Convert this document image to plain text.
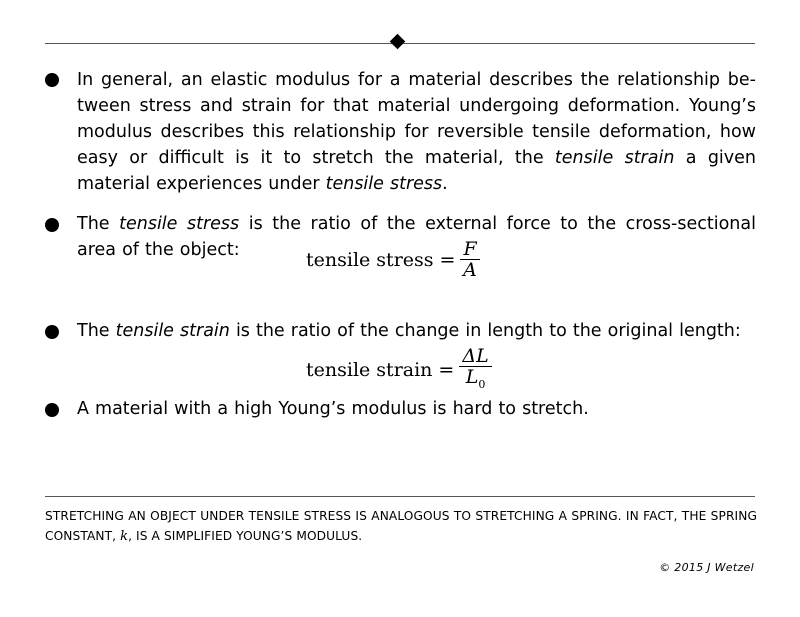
In general, an elastic modulus for a material describes the relationship between stress and strain for that material undergoing deformation. Young’s modulus describes this relationship for reversible tensile deformation, how easy or difficult is it to stretch the material, the tensile strain a given material experiences under tensile stress.
The tensile stress is the ratio of the external force to the cross-sectional area of the object:
The tensile strain is the ratio of the change in length to the original length:
A material with a high Young’s modulus is hard to stretch.
tensile stress = $\frac{F}{A}$
tensile strain = $\frac{\Delta L}{L_0}$
STRETCHING AN OBJECT UNDER TENSILE STRESS IS ANALOGOUS TO STRETCHING A SPRING. IN FACT, THE SPRING CONSTANT, k, IS A SIMPLIFIED YOUNG’S MODULUS.
© 2015 J Wetzel
